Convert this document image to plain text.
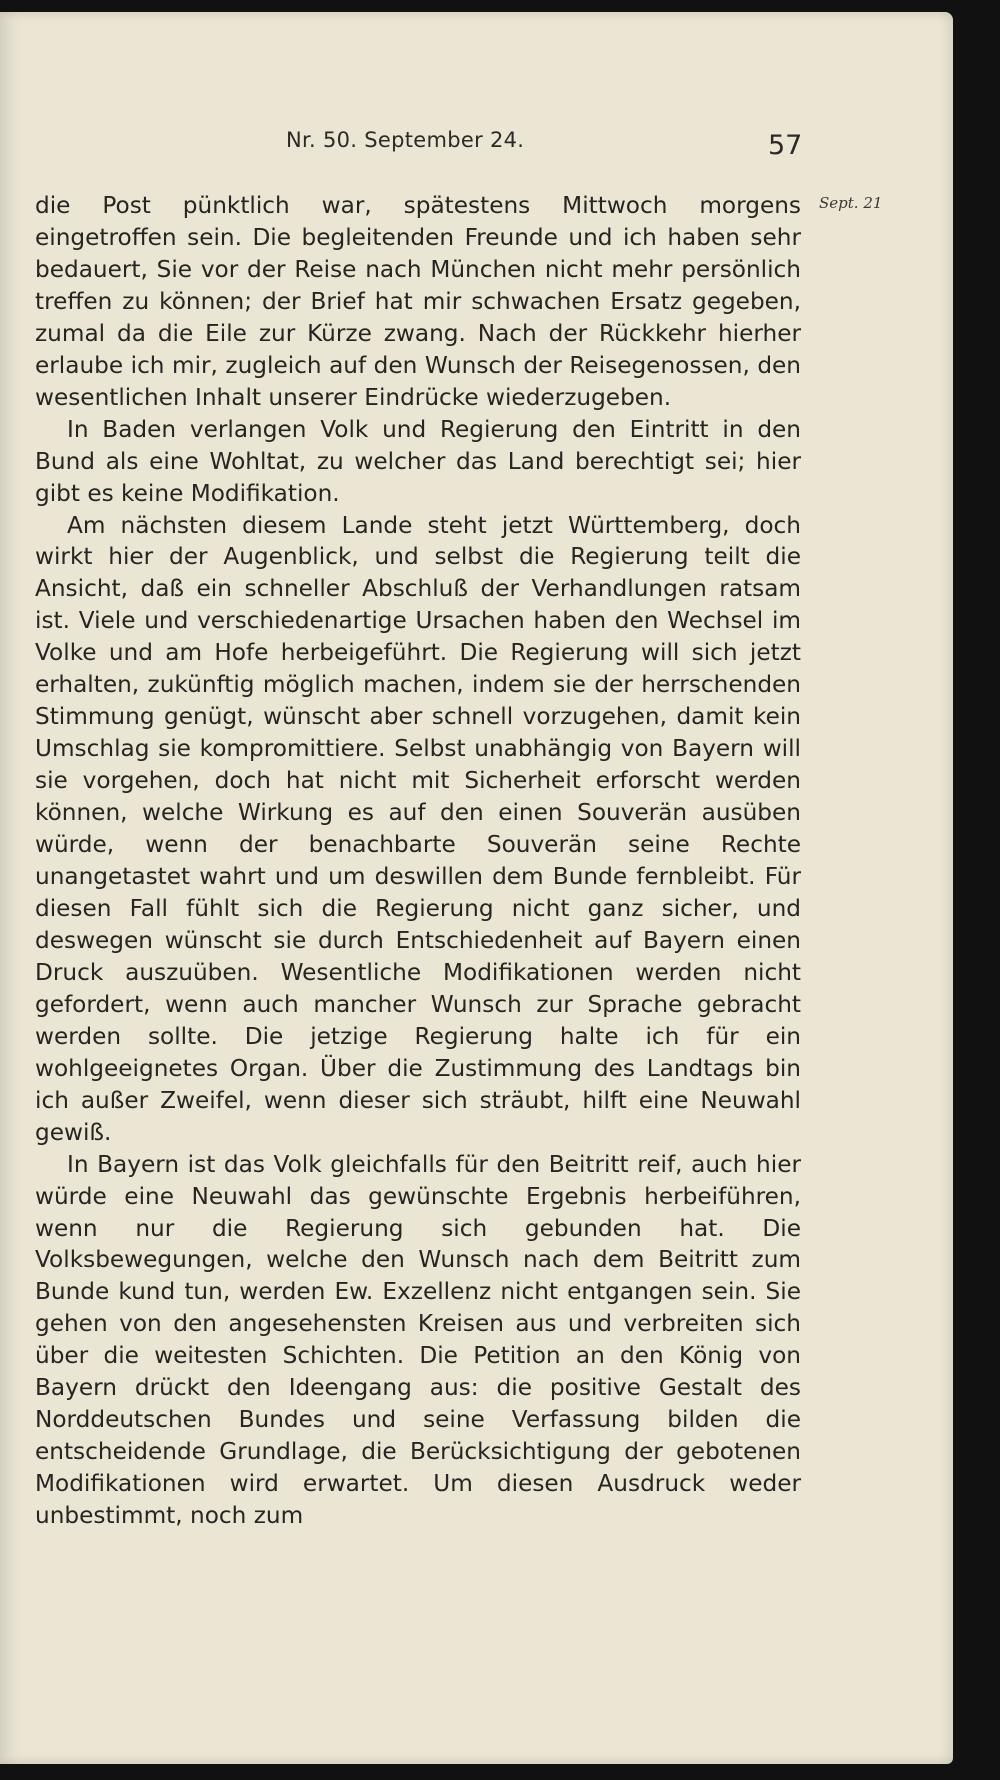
Nr. 50. September 24.	57
Sept. 21

die Post pünktlich war, spätestens Mittwoch morgens eingetroffen sein. Die begleitenden Freunde und ich haben sehr bedauert, Sie vor der Reise nach München nicht mehr persönlich treffen zu können; der Brief hat mir schwachen Ersatz gegeben, zumal da die Eile zur Kürze zwang. Nach der Rückkehr hierher erlaube ich mir, zugleich auf den Wunsch der Reisegenossen, den wesentlichen Inhalt unserer Eindrücke wiederzugeben.

In Baden verlangen Volk und Regierung den Eintritt in den Bund als eine Wohltat, zu welcher das Land berechtigt sei; hier gibt es keine Modifikation.

Am nächsten diesem Lande steht jetzt Württemberg, doch wirkt hier der Augenblick, und selbst die Regierung teilt die Ansicht, daß ein schneller Abschluß der Verhandlungen ratsam ist. Viele und verschiedenartige Ursachen haben den Wechsel im Volke und am Hofe herbeigeführt. Die Regierung will sich jetzt erhalten, zukünftig möglich machen, indem sie der herrschenden Stimmung genügt, wünscht aber schnell vorzugehen, damit kein Umschlag sie kompromittiere. Selbst unabhängig von Bayern will sie vorgehen, doch hat nicht mit Sicherheit erforscht werden können, welche Wirkung es auf den einen Souverän ausüben würde, wenn der benachbarte Souverän seine Rechte unangetastet wahrt und um deswillen dem Bunde fernbleibt. Für diesen Fall fühlt sich die Regierung nicht ganz sicher, und deswegen wünscht sie durch Entschiedenheit auf Bayern einen Druck auszuüben. Wesentliche Modifikationen werden nicht gefordert, wenn auch mancher Wunsch zur Sprache gebracht werden sollte. Die jetzige Regierung halte ich für ein wohlgeeignetes Organ. Über die Zustimmung des Landtags bin ich außer Zweifel, wenn dieser sich sträubt, hilft eine Neuwahl gewiß.

In Bayern ist das Volk gleichfalls für den Beitritt reif, auch hier würde eine Neuwahl das gewünschte Ergebnis herbeiführen, wenn nur die Regierung sich gebunden hat. Die Volksbewegungen, welche den Wunsch nach dem Beitritt zum Bunde kund tun, werden Ew. Exzellenz nicht entgangen sein. Sie gehen von den angesehensten Kreisen aus und verbreiten sich über die weitesten Schichten. Die Petition an den König von Bayern drückt den Ideengang aus: die positive Gestalt des Norddeutschen Bundes und seine Verfassung bilden die entscheidende Grundlage, die Berücksichtigung der gebotenen Modifikationen wird erwartet. Um diesen Ausdruck weder unbestimmt, noch zum
